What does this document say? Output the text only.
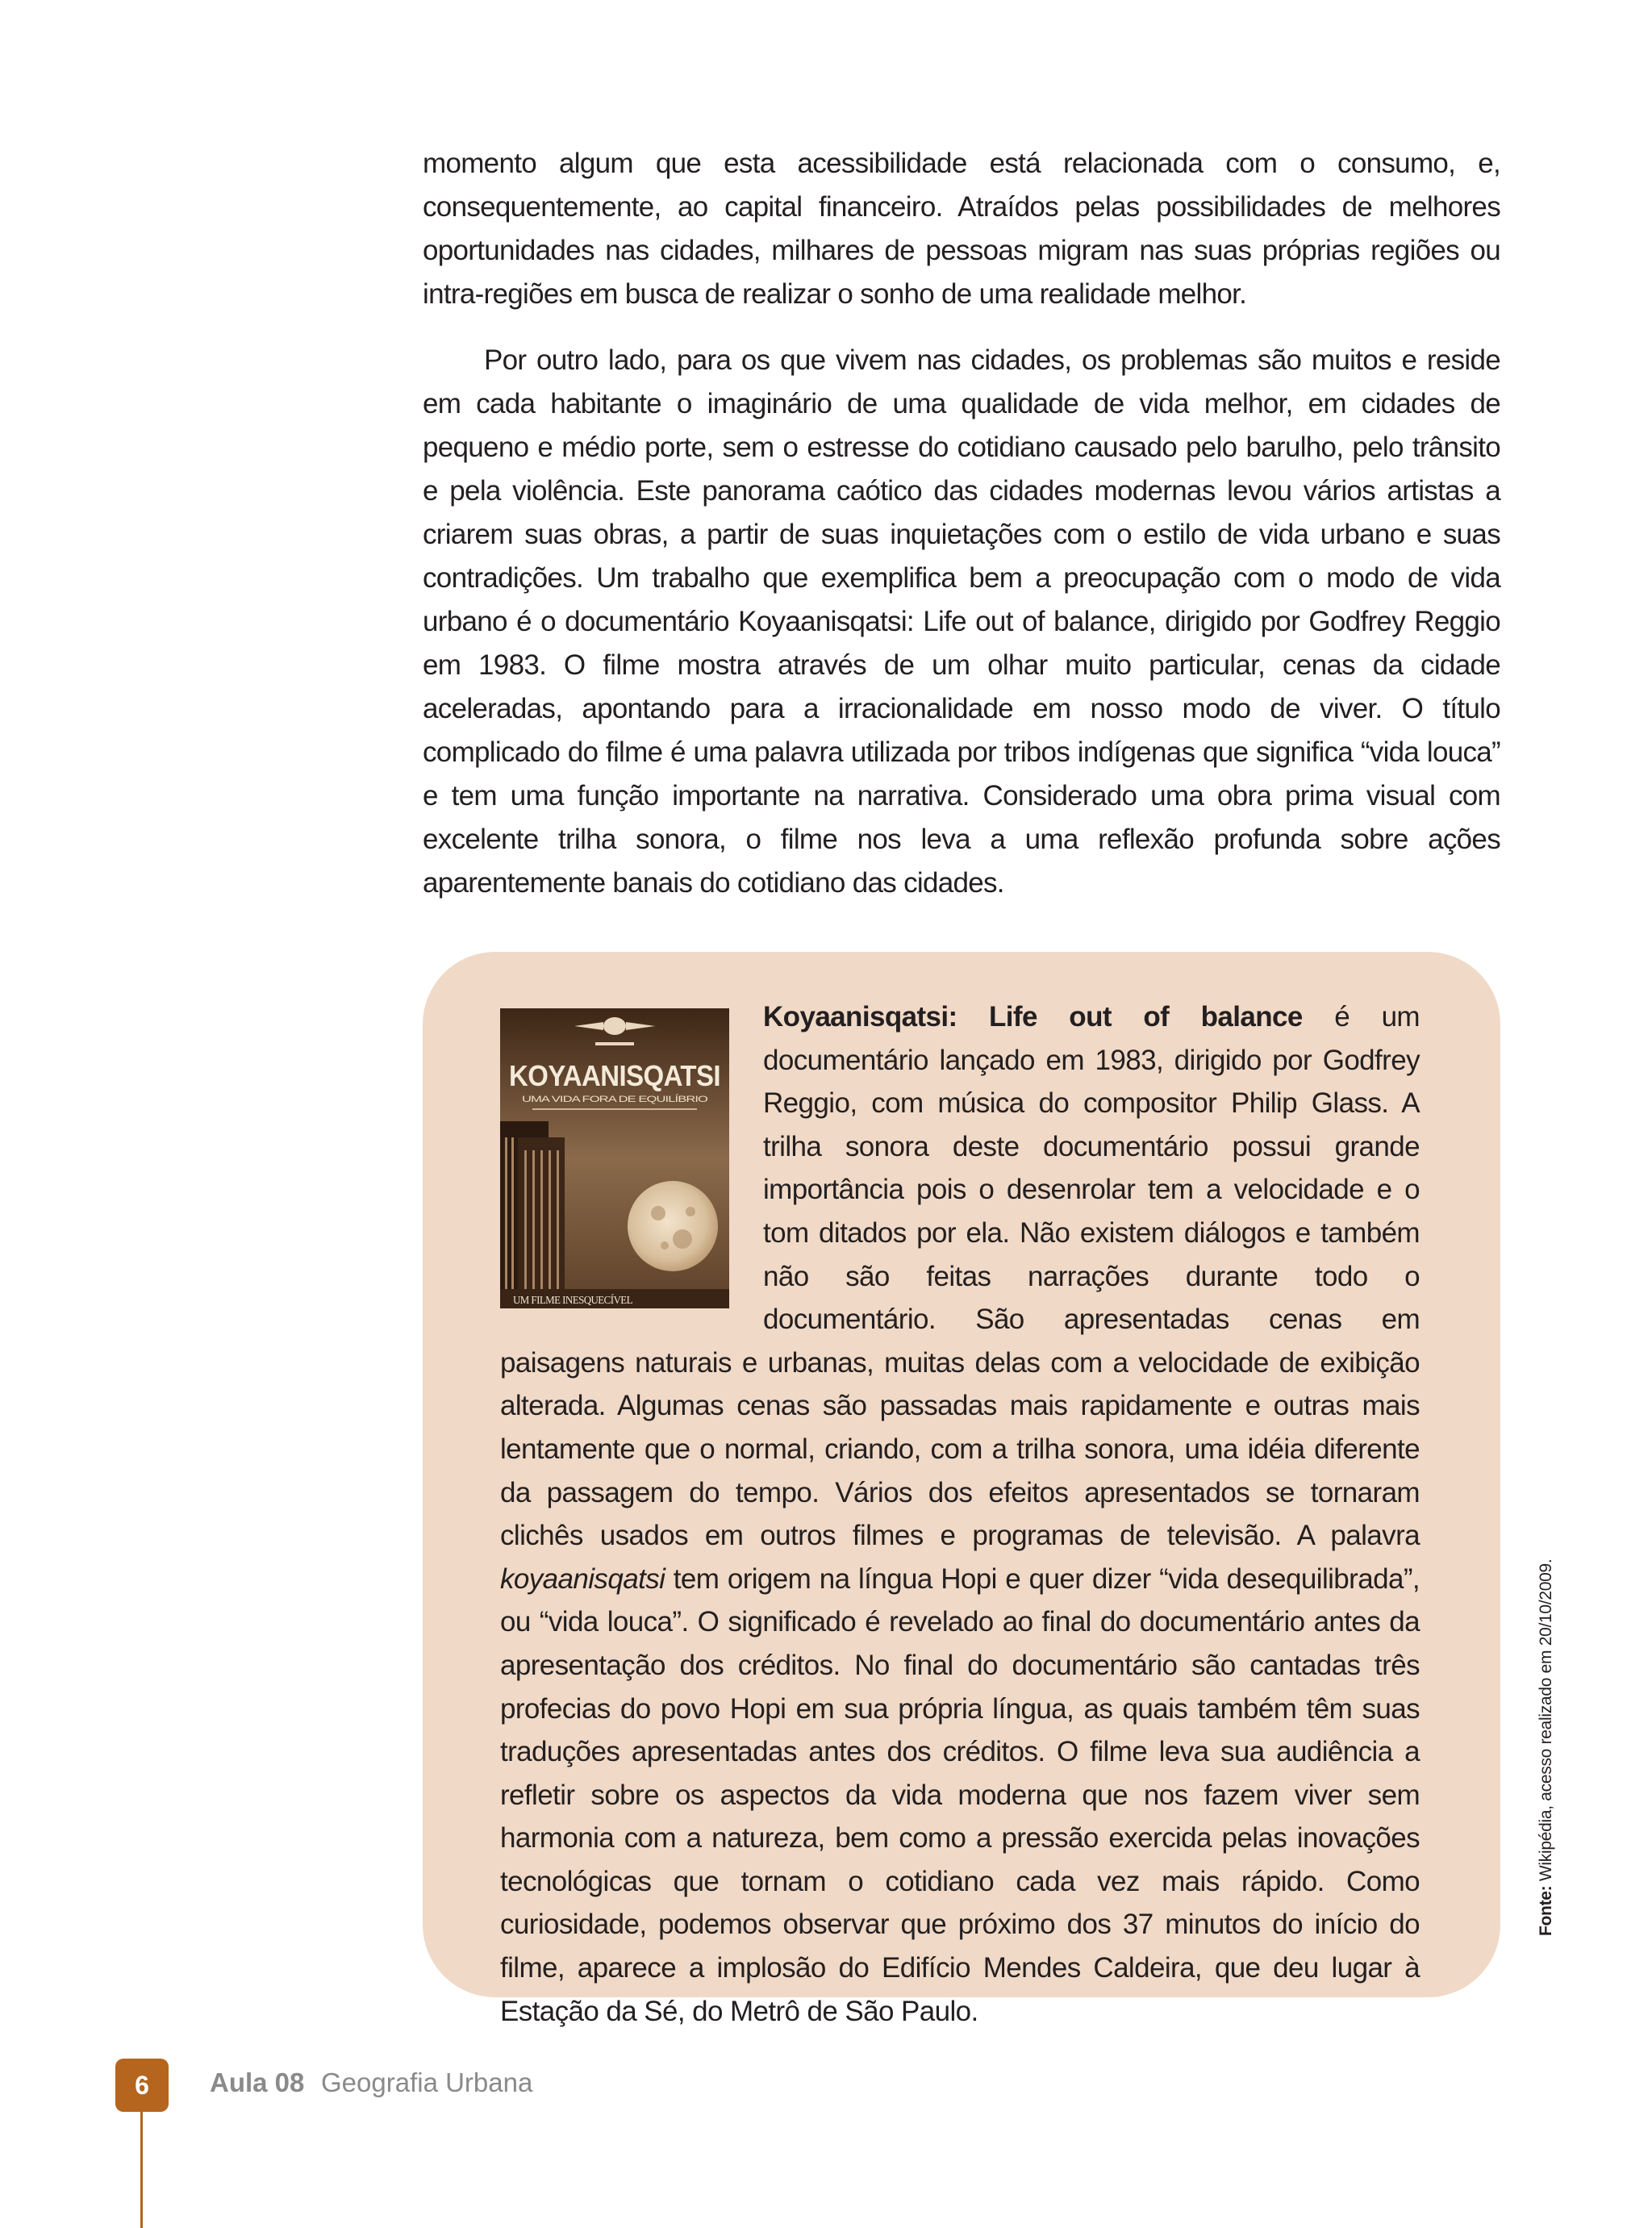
momento algum que esta acessibilidade está relacionada com o consumo, e, consequentemente, ao capital financeiro. Atraídos pelas possibilidades de melhores oportunidades nas cidades, milhares de pessoas migram nas suas próprias regiões ou intra-regiões em busca de realizar o sonho de uma realidade melhor.

Por outro lado, para os que vivem nas cidades, os problemas são muitos e reside em cada habitante o imaginário de uma qualidade de vida melhor, em cidades de pequeno e médio porte, sem o estresse do cotidiano causado pelo barulho, pelo trânsito e pela violência. Este panorama caótico das cidades modernas levou vários artistas a criarem suas obras, a partir de suas inquietações com o estilo de vida urbano e suas contradições. Um trabalho que exemplifica bem a preocupação com o modo de vida urbano é o documentário Koyaanisqatsi: Life out of balance, dirigido por Godfrey Reggio em 1983. O filme mostra através de um olhar muito particular, cenas da cidade aceleradas, apontando para a irracionalidade em nosso modo de viver. O título complicado do filme é uma palavra utilizada por tribos indígenas que significa “vida louca” e tem uma função importante na narrativa. Considerado uma obra prima visual com excelente trilha sonora, o filme nos leva a uma reflexão profunda sobre ações aparentemente banais do cotidiano das cidades.

KOYAANISQATSI
UMA VIDA FORA DE EQUILÍBRIO
UM FILME INESQUECÍVEL
Koyaanisqatsi: Life out of balance é um documentário lançado em 1983, dirigido por Godfrey Reggio, com música do compositor Philip Glass. A trilha sonora deste documentário possui grande importância pois o desenrolar tem a velocidade e o tom ditados por ela. Não existem diálogos e também não são feitas narrações durante todo o documentário. São apresentadas cenas em paisagens naturais e urbanas, muitas delas com a velocidade de exibição alterada. Algumas cenas são passadas mais rapidamente e outras mais lentamente que o normal, criando, com a trilha sonora, uma idéia diferente da passagem do tempo. Vários dos efeitos apresentados se tornaram clichês usados em outros filmes e programas de televisão. A palavra koyaanisqatsi tem origem na língua Hopi e quer dizer “vida desequilibrada”, ou “vida louca”. O significado é revelado ao final do documentário antes da apresentação dos créditos. No final do documentário são cantadas três profecias do povo Hopi em sua própria língua, as quais também têm suas traduções apresentadas antes dos créditos. O filme leva sua audiência a refletir sobre os aspectos da vida moderna que nos fazem viver sem harmonia com a natureza, bem como a pressão exercida pelas inovações tecnológicas que tornam o cotidiano cada vez mais rápido. Como curiosidade, podemos observar que próximo dos 37 minutos do início do filme, aparece a implosão do Edifício Mendes Caldeira, que deu lugar à Estação da Sé, do Metrô de São Paulo.

Fonte: Wikipédia, acesso realizado em 20/10/2009.
6	Aula 08 Geografia Urbana
